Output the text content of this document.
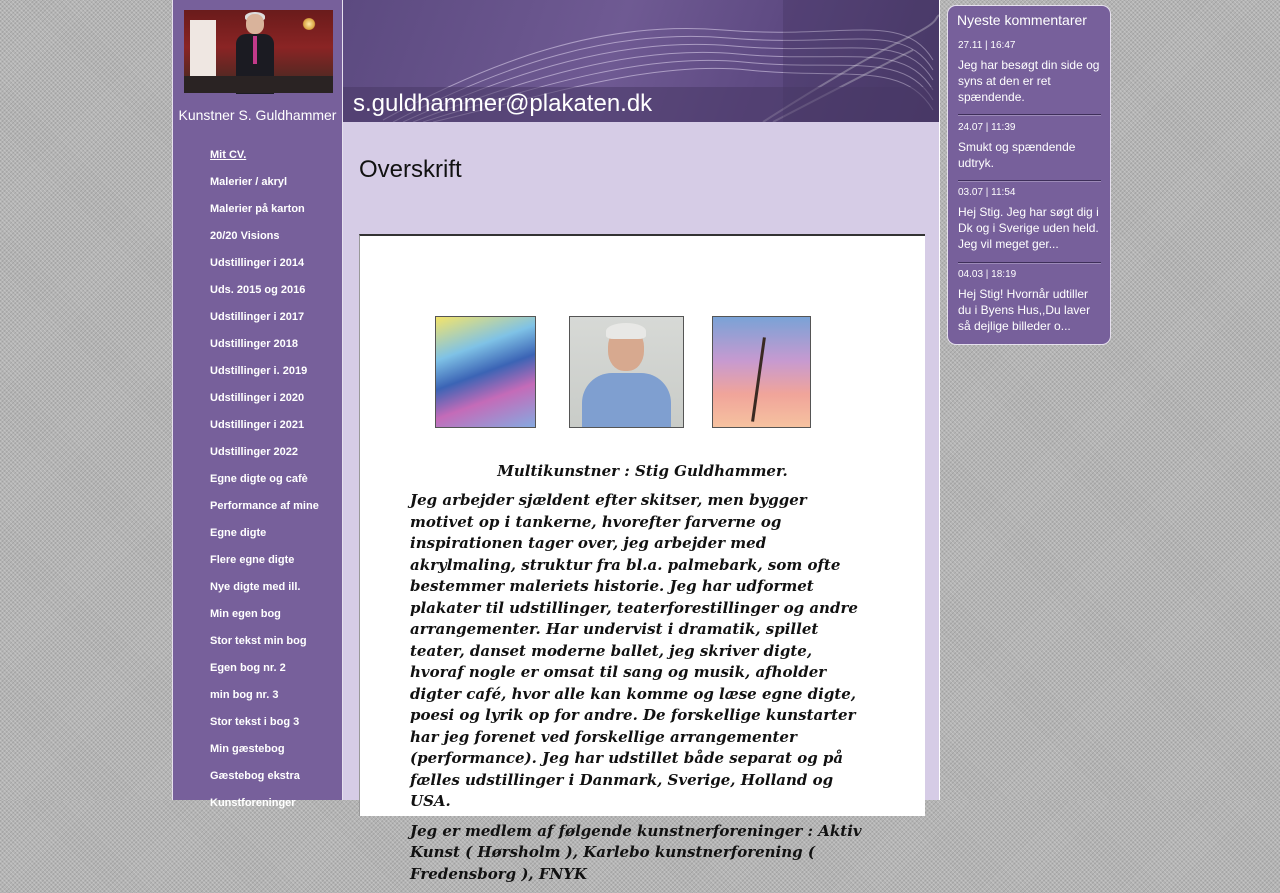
Kunstner S. Guldhammer
Mit CV.
Malerier / akryl
Malerier på karton
20/20 Visions
Udstillinger i 2014
Uds. 2015 og 2016
Udstillinger i 2017
Udstillinger 2018
Udstillinger i. 2019
Udstillinger i 2020
Udstillinger i 2021
Udstillinger 2022
Egne digte og cafè
Performance af mine
Egne digte
Flere egne digte
Nye digte med ill.
Min egen bog
Stor tekst min bog
Egen bog nr. 2
min bog nr. 3
Stor tekst i bog 3
Min gæstebog
Gæstebog ekstra
Kunstforeninger
s.guldhammer@plakaten.dk
Overskrift
Multikunstner : Stig Guldhammer.

Jeg arbejder sjældent efter skitser, men bygger motivet op i tankerne, hvorefter farverne og inspirationen tager over, jeg arbejder med akrylmaling, struktur fra bl.a. palmebark, som ofte bestemmer maleriets historie. Jeg har udformet plakater til udstillinger, teaterforestillinger og andre arrangementer. Har undervist i dramatik, spillet teater, danset moderne ballet, jeg skriver digte, hvoraf nogle er omsat til sang og musik, afholder digter café, hvor alle kan komme og læse egne digte, poesi og lyrik op for andre. De forskellige kunstarter har jeg forenet ved forskellige arrangementer (performance). Jeg har udstillet både separat og på fælles udstillinger i Danmark, Sverige, Holland og USA.

Jeg er medlem af følgende kunstnerforeninger : Aktiv Kunst ( Hørsholm ), Karlebo kunstnerforening ( Fredensborg ), FNYK

Nyeste kommentarer
27.11 | 16:47
Jeg har besøgt din side og syns at den er ret spændende.
24.07 | 11:39
Smukt og spændende udtryk.
03.07 | 11:54
Hej Stig. Jeg har søgt dig i Dk og i Sverige uden held. Jeg vil meget ger...
04.03 | 18:19
Hej Stig! Hvornår udtiller du i Byens Hus,,Du laver så dejlige billeder o...
